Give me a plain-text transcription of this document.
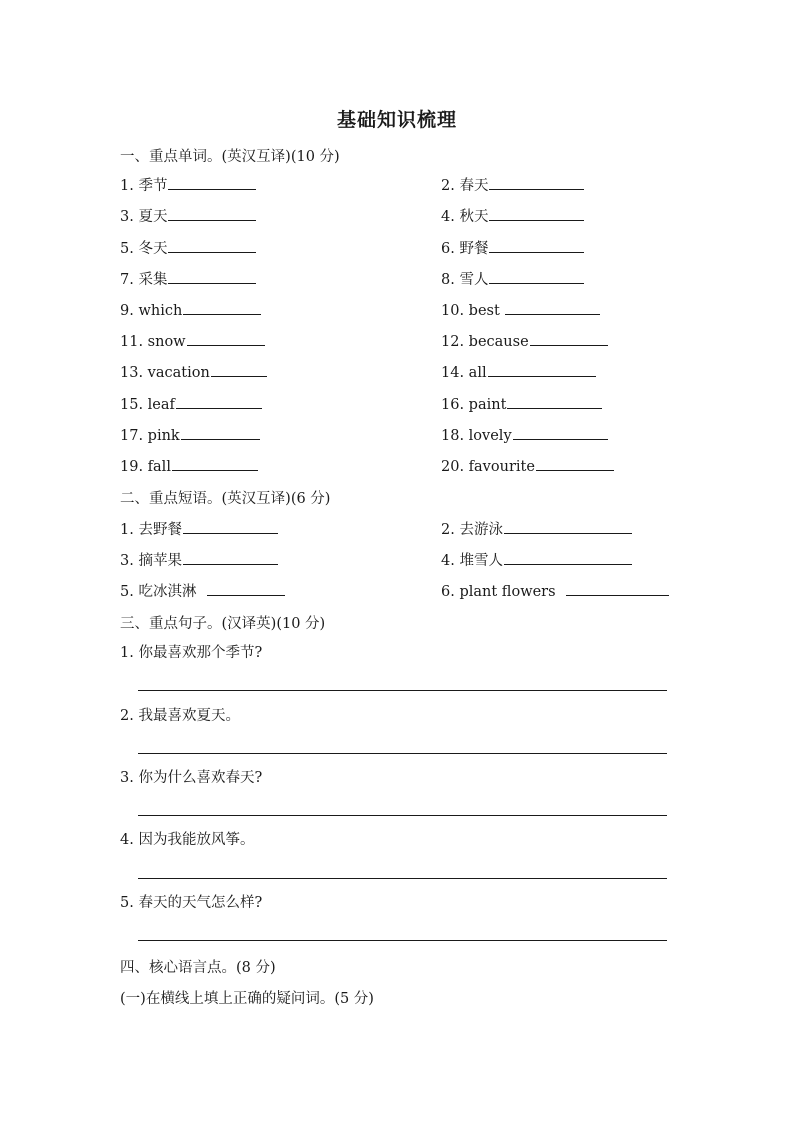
基础知识梳理
一、重点单词。(英汉互译)(10 分)
1. 季节	2. 春天
3. 夏天	4. 秋天
5. 冬天	6. 野餐
7. 采集	8. 雪人
9. which	10. best
11. snow	12. because
13. vacation	14. all
15. leaf	16. paint
17. pink	18. lovely
19. fall	20. favourite
二、重点短语。(英汉互译)(6 分)
1. 去野餐	2. 去游泳
3. 摘苹果	4. 堆雪人
5. 吃冰淇淋	6. plant flowers
三、重点句子。(汉译英)(10 分)
1. 你最喜欢那个季节?
2. 我最喜欢夏天。
3. 你为什么喜欢春天?
4. 因为我能放风筝。
5. 春天的天气怎么样?
四、核心语言点。(8 分)
(一)在横线上填上正确的疑问词。(5 分)
